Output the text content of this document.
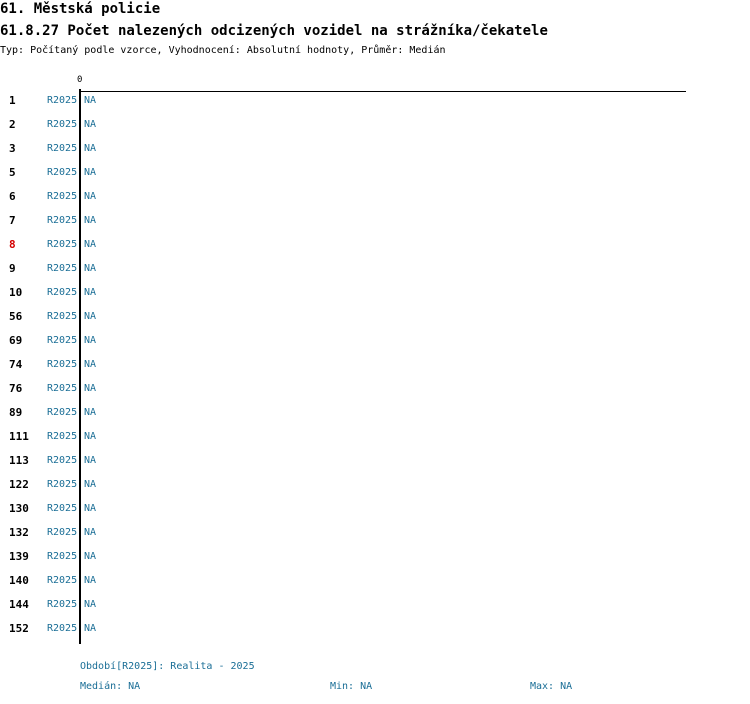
61. Městská policie
61.8.27 Počet nalezených odcizených vozidel na strážníka/čekatele
Typ: Počítaný podle vzorce, Vyhodnocení: Absolutní hodnoty, Průměr: Medián
0
1	R2025 NA
2	R2025 NA
3	R2025 NA
5	R2025 NA
6	R2025 NA
7	R2025 NA
8	R2025 NA
9	R2025 NA
10 R2025 NA
56 R2025 NA
69 R2025 NA
74 R2025 NA
76 R2025 NA
89 R2025 NA
111 R2025 NA
113 R2025 NA
122 R2025 NA
130 R2025 NA
132 R2025 NA
139 R2025 NA
140 R2025 NA
144 R2025 NA
152 R2025 NA
Období[R2025]: Realita - 2025
Medián: NA	Min: NA	Max: NA
